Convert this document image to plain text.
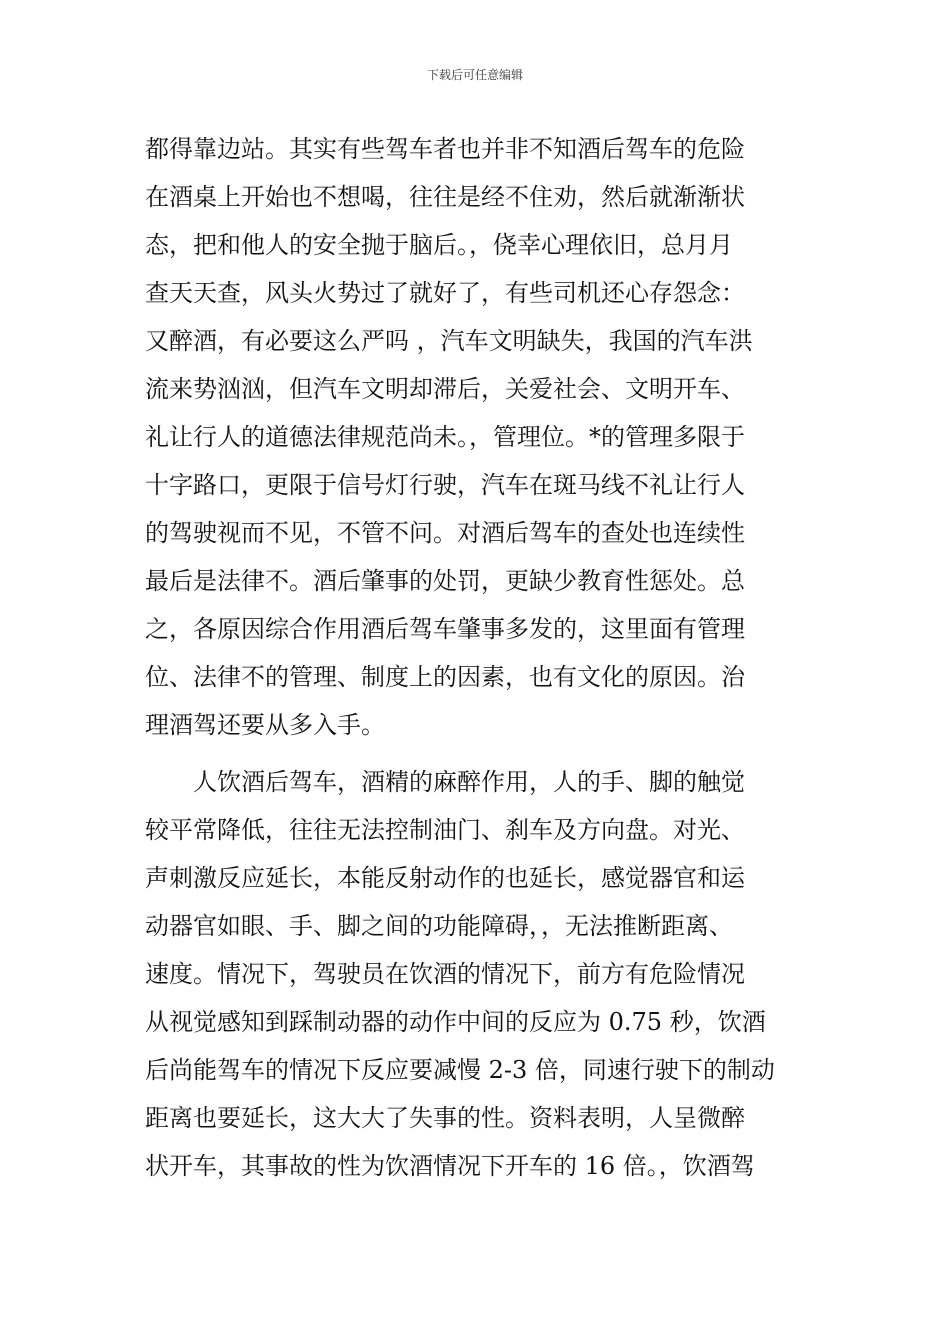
下载后可任意编辑
都得靠边站。其实有些驾车者也并非不知酒后驾车的危险
在酒桌上开始也不想喝，往往是经不住劝，然后就渐渐状
态，把和他人的安全抛于脑后。，侥幸心理依旧，总月月
查天天查，风头火势过了就好了，有些司机还心存怨念：
又醉酒，有必要这么严吗 ，汽车文明缺失，我国的汽车洪
流来势汹汹，但汽车文明却滞后，关爱社会、文明开车、
礼让行人的道德法律规范尚未。，管理位。*的管理多限于
十字路口，更限于信号灯行驶，汽车在斑马线不礼让行人
的驾驶视而不见，不管不问。对酒后驾车的查处也连续性
最后是法律不。酒后肇事的处罚，更缺少教育性惩处。总
之，各原因综合作用酒后驾车肇事多发的，这里面有管理
位、法律不的管理、制度上的因素，也有文化的原因。治
理酒驾还要从多入手。
　　人饮酒后驾车，酒精的麻醉作用，人的手、脚的触觉
较平常降低，往往无法控制油门、刹车及方向盘。对光、
声刺激反应延长，本能反射动作的也延长，感觉器官和运
动器官如眼、手、脚之间的功能障碍，，无法推断距离、
速度。情况下，驾驶员在饮酒的情况下，前方有危险情况
从视觉感知到踩制动器的动作中间的反应为 0.75 秒，饮酒
后尚能驾车的情况下反应要减慢 2-3 倍，同速行驶下的制动
距离也要延长，这大大了失事的性。资料表明，人呈微醉
状开车，其事故的性为饮酒情况下开车的 16 倍。，饮酒驾
